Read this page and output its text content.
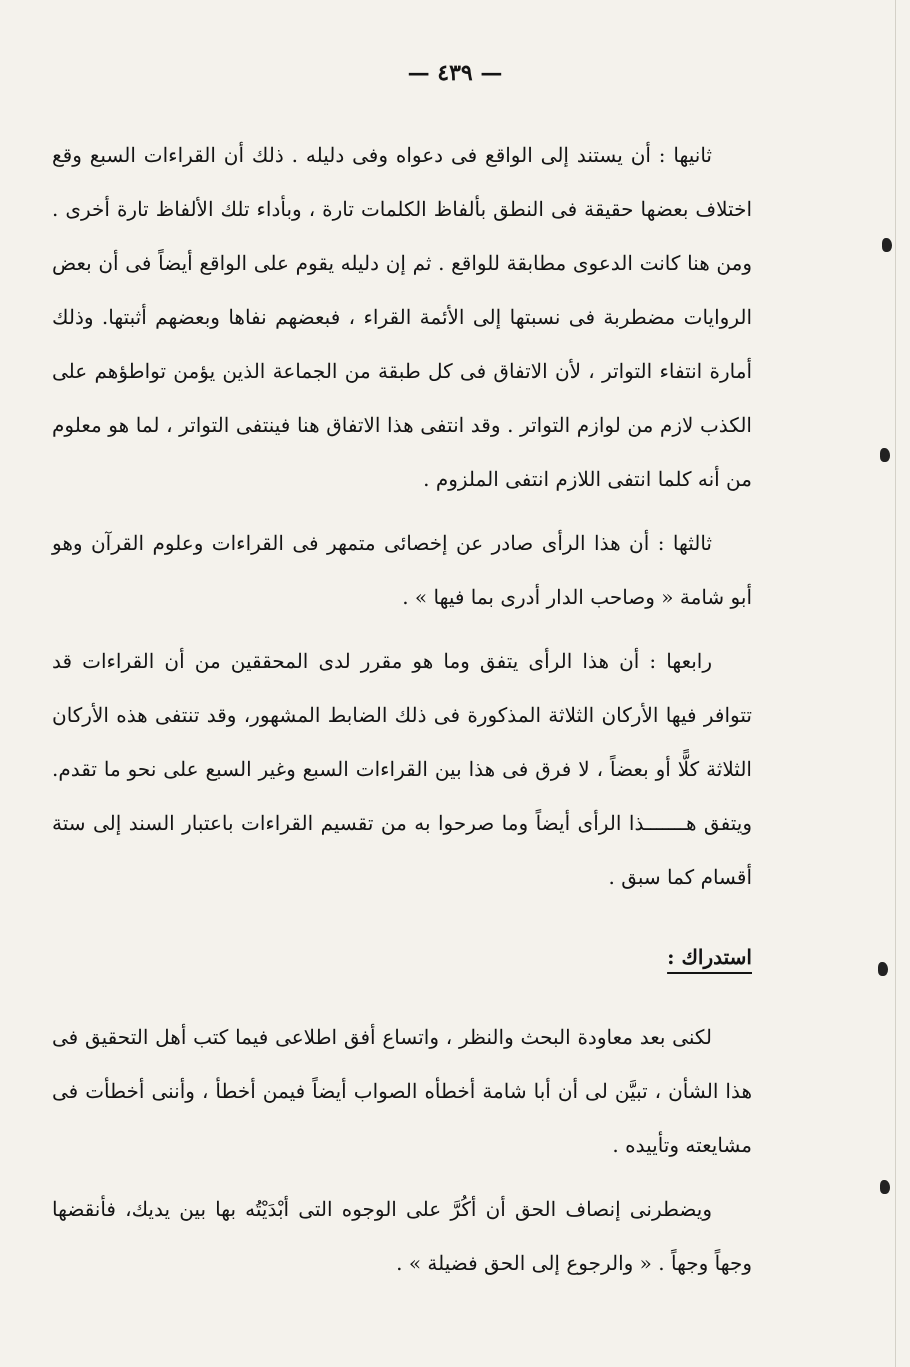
— ٤٣٩ —

ثانيها : أن يستند إلى الواقع فى دعواه وفى دليله . ذلك أن القراءات السبع وقع اختلاف بعضها حقيقة فى النطق بألفاظ الكلمات تارة ، وبأداء تلك الألفاظ تارة أخرى . ومن هنا كانت الدعوى مطابقة للواقع . ثم إن دليله يقوم على الواقع أيضاً فى أن بعض الروايات مضطربة فى نسبتها إلى الأئمة القراء ، فبعضهم نفاها وبعضهم أثبتها. وذلك أمارة انتفاء التواتر ، لأن الاتفاق فى كل طبقة من الجماعة الذين يؤمن تواطؤهم على الكذب لازم من لوازم التواتر . وقد انتفى هذا الاتفاق هنا فينتفى التواتر ، لما هو معلوم من أنه كلما انتفى اللازم انتفى الملزوم .

ثالثها : أن هذا الرأى صادر عن إخصائى متمهر فى القراءات وعلوم القرآن وهو أبو شامة « وصاحب الدار أدرى بما فيها » .

رابعها : أن هذا الرأى يتفق وما هو مقرر لدى المحققين من أن القراءات قد تتوافر فيها الأركان الثلاثة المذكورة فى ذلك الضابط المشهور، وقد تنتفى هذه الأركان الثلاثة كلًّا أو بعضاً ، لا فرق فى هذا بين القراءات السبع وغير السبع على نحو ما تقدم. ويتفق هـــــــذا الرأى أيضاً وما صرحوا به من تقسيم القراءات باعتبار السند إلى ستة أقسام كما سبق .

استدراك :

لكنى بعد معاودة البحث والنظر ، واتساع أفق اطلاعى فيما كتب أهل التحقيق فى هذا الشأن ، تبيَّن لى أن أبا شامة أخطأه الصواب أيضاً فيمن أخطأ ، وأننى أخطأت فى مشايعته وتأييده .

ويضطرنى إنصاف الحق أن أكُرَّ على الوجوه التى أبْدَيْتُه بها بين يديك، فأنقضها وجهاً وجهاً . « والرجوع إلى الحق فضيلة » .
